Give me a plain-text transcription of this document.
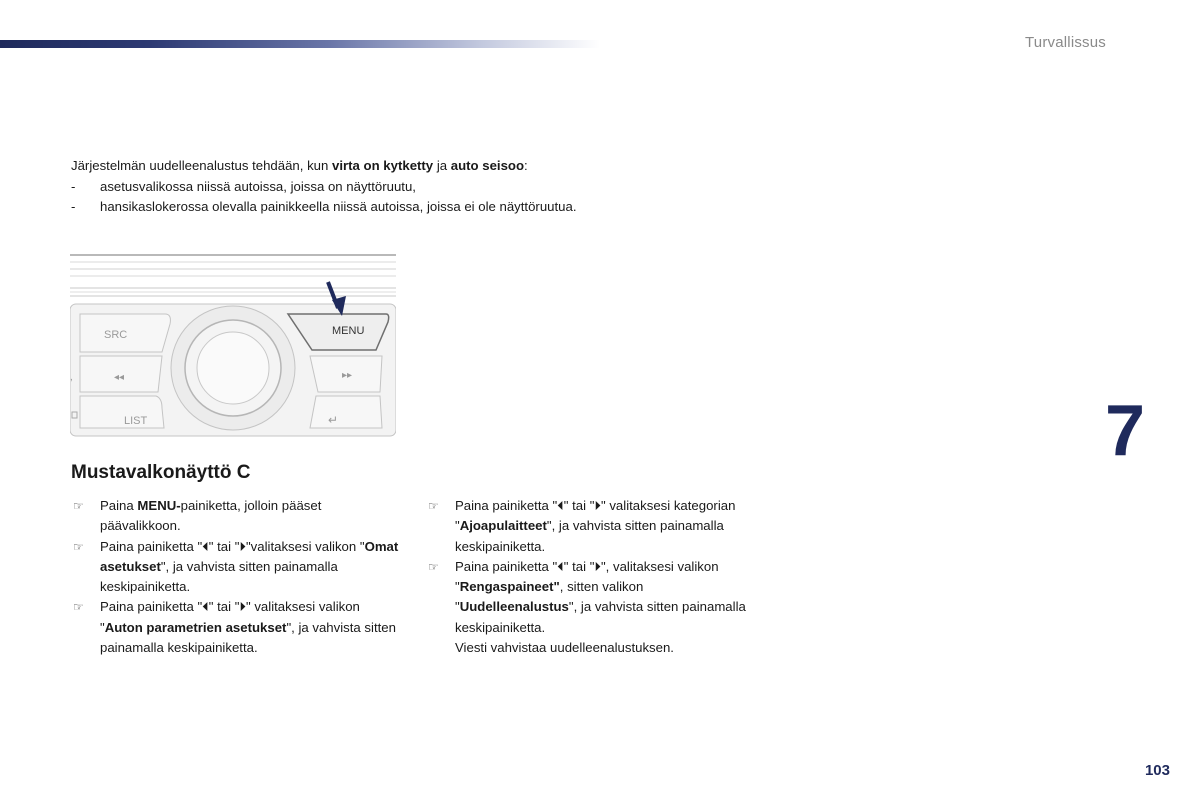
Turvallissus

Järjestelmän uudelleenalustus tehdään, kun virta on kytketty ja auto seisoo:

- asetusvalikossa niissä autoissa, joissa on näyttöruutu,

- hansikaslokerossa olevalla painikkeella niissä autoissa, joissa ei ole näyttöruutua.

SRC
◂◂
LIST
,
MENU
▸▸
↵
Mustavalkonäyttö C
☞ Paina MENU-painiketta, jolloin pääset päävalikkoon.
☞ Paina painiketta "⏴" tai "⏵"valitaksesi valikon "Omat asetukset", ja vahvista sitten painamalla keskipainiketta.
☞ Paina painiketta "⏴" tai "⏵" valitaksesi valikon "Auton parametrien asetukset", ja vahvista sitten painamalla keskipainiketta.
☞ Paina painiketta "⏴" tai "⏵" valitaksesi kategorian "Ajoapulaitteet", ja vahvista sitten painamalla keskipainiketta.
☞ Paina painiketta "⏴" tai "⏵", valitaksesi valikon "Rengaspaineet", sitten valikon "Uudelleenalustus", ja vahvista sitten painamalla keskipainiketta.
Viesti vahvistaa uudelleenalustuksen.
7
103
